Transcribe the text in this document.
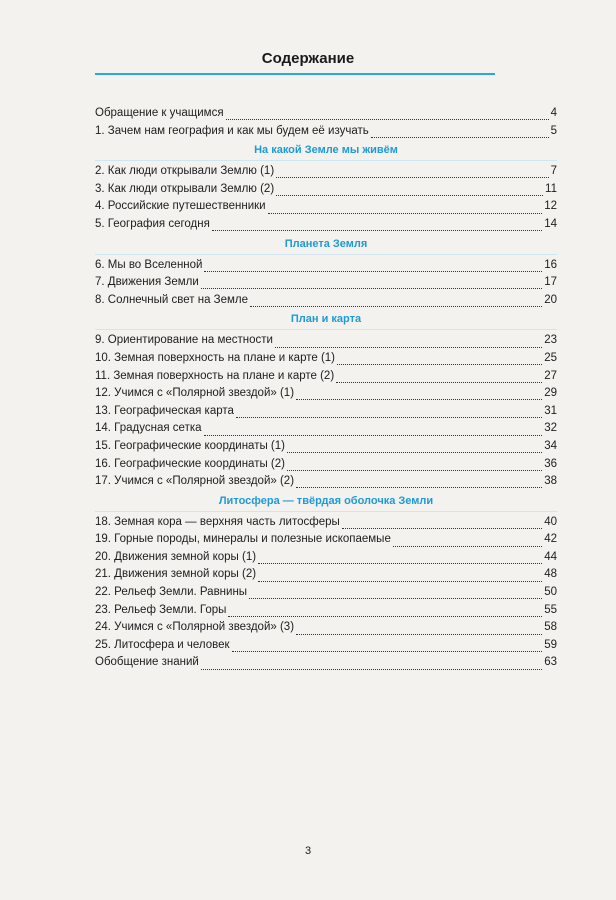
Содержание
Обращение к учащимся	4
1. Зачем нам география и как мы будем её изучать	5
На какой Земле мы живём
2. Как люди открывали Землю (1)	7
3. Как люди открывали Землю (2)	11
4. Российские путешественники	12
5. География сегодня	14
Планета Земля
6. Мы во Вселенной	16
7. Движения Земли	17
8. Солнечный свет на Земле	20
План и карта
9. Ориентирование на местности	23
10. Земная поверхность на плане и карте (1)	25
11. Земная поверхность на плане и карте (2)	27
12. Учимся с «Полярной звездой» (1)	29
13. Географическая карта	31
14. Градусная сетка	32
15. Географические координаты (1)	34
16. Географические координаты (2)	36
17. Учимся с «Полярной звездой» (2)	38
Литосфера — твёрдая оболочка Земли
18. Земная кора — верхняя часть литосферы	40
19. Горные породы, минералы и полезные ископаемые	42
20. Движения земной коры (1)	44
21. Движения земной коры (2)	48
22. Рельеф Земли. Равнины	50
23. Рельеф Земли. Горы	55
24. Учимся с «Полярной звездой» (3)	58
25. Литосфера и человек	59
Обобщение знаний	63
3
